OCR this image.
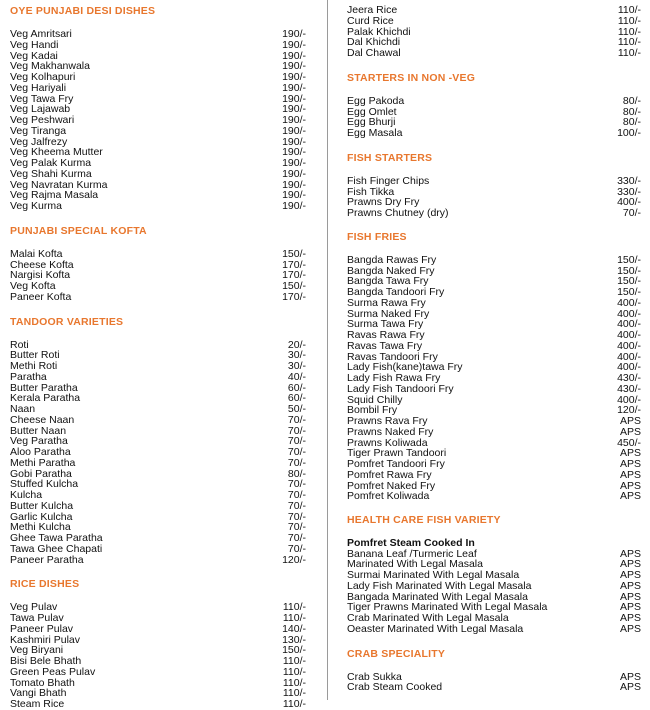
OYE PUNJABI DESI DISHES
Veg Amritsari	190/-
Veg Handi	190/-
Veg Kadai	190/-
Veg Makhanwala	190/-
Veg Kolhapuri	190/-
Veg Hariyali	190/-
Veg Tawa Fry	190/-
Veg Lajawab	190/-
Veg Peshwari	190/-
Veg Tiranga	190/-
Veg Jalfrezy	190/-
Veg Kheema Mutter	190/-
Veg Palak Kurma	190/-
Veg Shahi Kurma	190/-
Veg Navratan Kurma	190/-
Veg Rajma Masala	190/-
Veg Kurma	190/-
PUNJABI SPECIAL KOFTA
Malai Kofta	150/-
Cheese Kofta	170/-
Nargisi Kofta	170/-
Veg Kofta	150/-
Paneer Kofta	170/-
TANDOOR VARIETIES
Roti	20/-
Butter Roti	30/-
Methi Roti	30/-
Paratha	40/-
Butter Paratha	60/-
Kerala Paratha	60/-
Naan	50/-
Cheese Naan	70/-
Butter Naan	70/-
Veg Paratha	70/-
Aloo Paratha	70/-
Methi Paratha	70/-
Gobi Paratha	80/-
Stuffed Kulcha	70/-
Kulcha	70/-
Butter Kulcha	70/-
Garlic Kulcha	70/-
Methi Kulcha	70/-
Ghee Tawa Paratha	70/-
Tawa Ghee Chapati	70/-
Paneer Paratha	120/-
RICE DISHES
Veg Pulav	110/-
Tawa Pulav	110/-
Paneer Pulav	140/-
Kashmiri Pulav	130/-
Veg Biryani	150/-
Bisi Bele Bhath	110/-
Green Peas Pulav	110/-
Tomato Bhath	110/-
Vangi Bhath	110/-
Steam Rice	110/-
Jeera Rice	110/-
Curd Rice	110/-
Palak Khichdi	110/-
Dal Khichdi	110/-
Dal Chawal	110/-
STARTERS IN NON -VEG
Egg Pakoda	80/-
Egg Omlet	80/-
Egg Bhurji	80/-
Egg Masala	100/-
FISH STARTERS
Fish Finger Chips	330/-
Fish Tikka	330/-
Prawns Dry Fry	400/-
Prawns Chutney (dry)	70/-
FISH FRIES
Bangda Rawas Fry	150/-
Bangda Naked Fry	150/-
Bangda Tawa Fry	150/-
Bangda Tandoori Fry	150/-
Surma Rawa Fry	400/-
Surma Naked Fry	400/-
Surma Tawa Fry	400/-
Ravas Rawa Fry	400/-
Ravas Tawa Fry	400/-
Ravas Tandoori Fry	400/-
Lady Fish(kane)tawa Fry	400/-
Lady Fish Rawa Fry	430/-
Lady Fish Tandoori Fry	430/-
Squid Chilly	400/-
Bombil Fry	120/-
Prawns Rava Fry	APS
Prawns Naked Fry	APS
Prawns Koliwada	450/-
Tiger Prawn Tandoori	APS
Pomfret Tandoori Fry	APS
Pomfret Rawa Fry	APS
Pomfret Naked Fry	APS
Pomfret Koliwada	APS
HEALTH CARE FISH VARIETY
Pomfret Steam Cooked In
Banana Leaf /Turmeric Leaf	APS
Marinated With Legal Masala	APS
Surmai Marinated With Legal Masala	APS
Lady Fish Marinated With Legal Masala	APS
Bangada Marinated With Legal Masala	APS
Tiger Prawns Marinated With Legal Masala	APS
Crab Marinated With Legal Masala	APS
Oeaster Marinated With Legal Masala	APS
CRAB SPECIALITY
Crab Sukka	APS
Crab Steam Cooked	APS
